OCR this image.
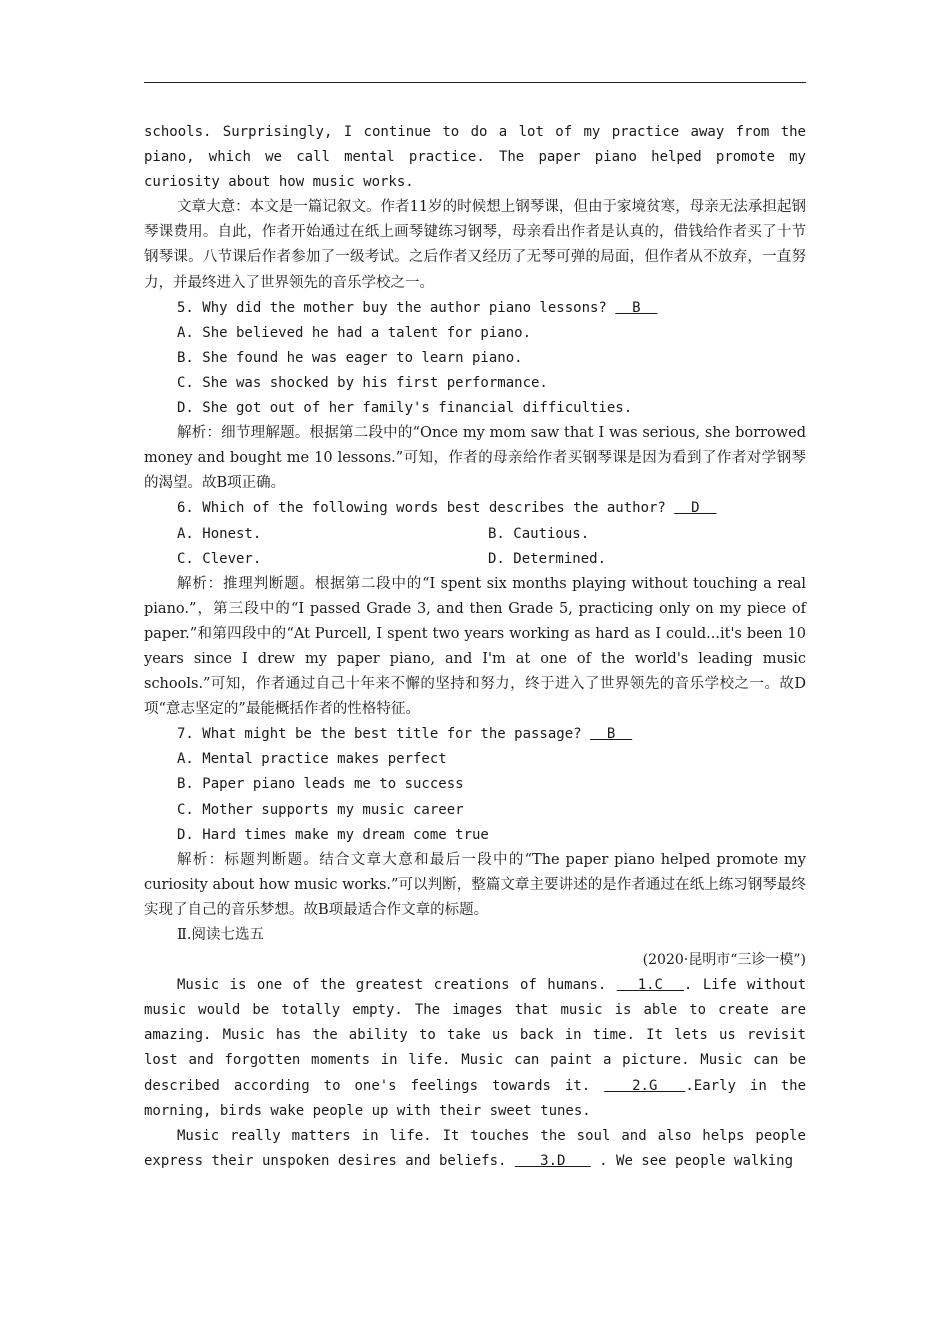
schools. Surprisingly, I continue to do a lot of my practice away from the piano, which we call mental practice. The paper piano helped promote my curiosity about how music works.

文章大意：本文是一篇记叙文。作者11岁的时候想上钢琴课，但由于家境贫寒，母亲无法承担起钢琴课费用。自此，作者开始通过在纸上画琴键练习钢琴，母亲看出作者是认真的，借钱给作者买了十节钢琴课。八节课后作者参加了一级考试。之后作者又经历了无琴可弹的局面，但作者从不放弃，一直努力，并最终进入了世界领先的音乐学校之一。

5. Why did the mother buy the author piano lessons?   B

A. She believed he had a talent for piano.

B. She found he was eager to learn piano.

C. She was shocked by his first performance.

D. She got out of her family's financial difficulties.

解析：细节理解题。根据第二段中的“Once my mom saw that I was serious, she borrowed money and bought me 10 lessons.”可知，作者的母亲给作者买钢琴课是因为看到了作者对学钢琴的渴望。故B项正确。

6. Which of the following words best describes the author?   D

A. Honest.	B. Cautious.
C. Clever.	D. Determined.

解析：推理判断题。根据第二段中的“I spent six months playing without touching a real piano.”，第三段中的“I passed Grade 3, and then Grade 5, practicing only on my piece of paper.”和第四段中的“At Purcell, I spent two years working as hard as I could...it's been 10 years since I drew my paper piano, and I'm at one of the world's leading music schools.”可知，作者通过自己十年来不懈的坚持和努力，终于进入了世界领先的音乐学校之一。故D项“意志坚定的”最能概括作者的性格特征。

7. What might be the best title for the passage?   B

A. Mental practice makes perfect

B. Paper piano leads me to success

C. Mother supports my music career

D. Hard times make my dream come true

解析：标题判断题。结合文章大意和最后一段中的“The paper piano helped promote my curiosity about how music works.”可以判断，整篇文章主要讲述的是作者通过在纸上练习钢琴最终实现了自己的音乐梦想。故B项最适合作文章的标题。

Ⅱ.阅读七选五

(2020·昆明市“三诊一模”)

Music is one of the greatest creations of humans.   1.C  . Life without music would be totally empty. The images that music is able to create are amazing. Music has the ability to take us back in time. It lets us revisit lost and forgotten moments in life. Music can paint a picture. Music can be described according to one's feelings towards it.   2.G  .Early in the morning, birds wake people up with their sweet tunes.

Music really matters in life. It touches the soul and also helps people express their unspoken desires and beliefs.    3.D    . We see people walking
